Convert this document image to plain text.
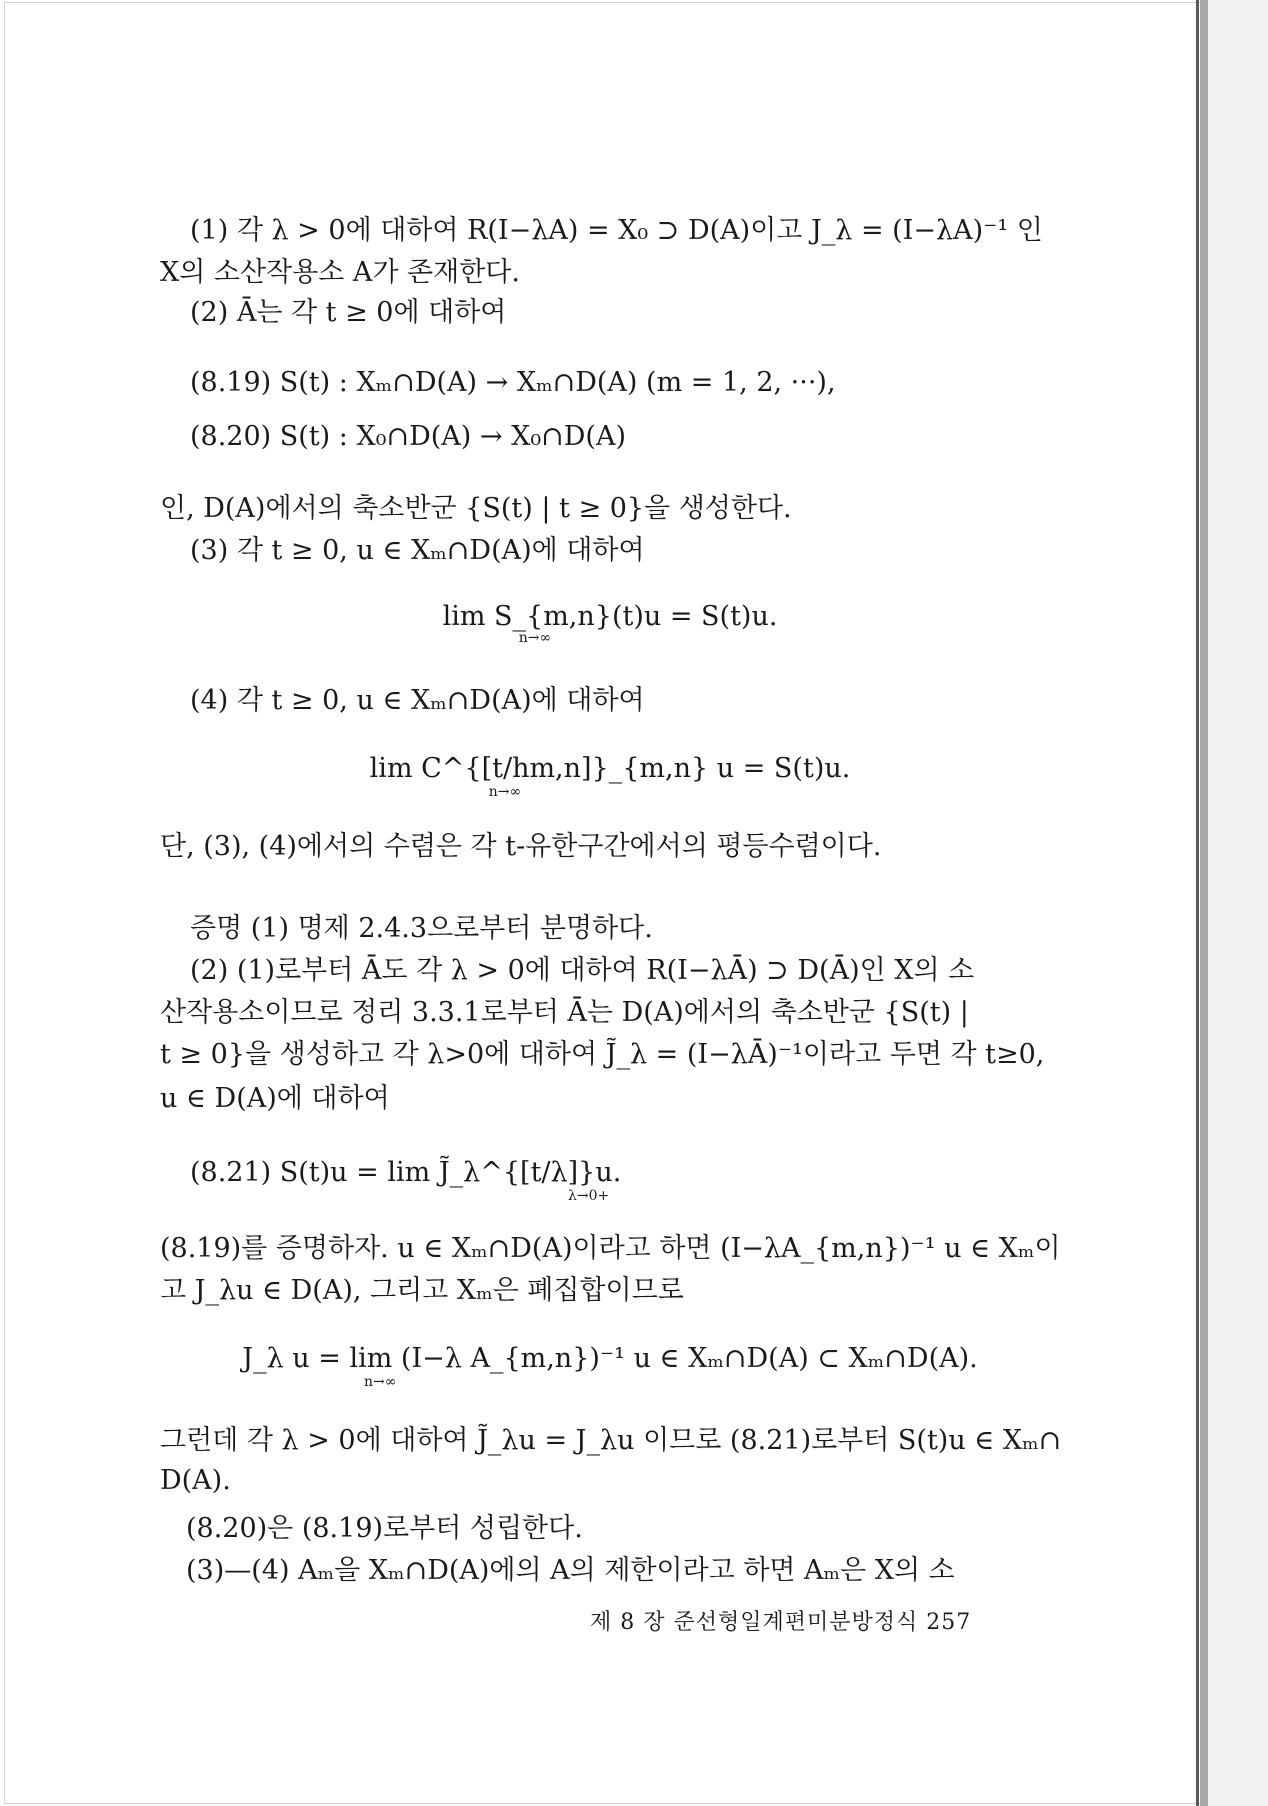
(1) 각 λ > 0에 대하여 R(I−λA) = X₀ ⊃ D(A)이고 J_λ = (I−λA)⁻¹ 인
X의 소산작용소 A가 존재한다.
(2) Ā는 각 t ≥ 0에 대하여
(8.19) S(t) : Xₘ∩D(A) → Xₘ∩D(A) (m = 1, 2, ···),
(8.20) S(t) : X₀∩D(A) → X₀∩D(A)
인, D(A)에서의 축소반군 {S(t) | t ≥ 0}을 생성한다.
(3) 각 t ≥ 0, u ∈ Xₘ∩D(A)에 대하여
lim S_{m,n}(t)u = S(t)u.
n→∞
(4) 각 t ≥ 0, u ∈ Xₘ∩D(A)에 대하여
lim C^{[t/hm,n]}_{m,n} u = S(t)u.
n→∞
단, (3), (4)에서의 수렴은 각 t-유한구간에서의 평등수렴이다.
증명 (1) 명제 2.4.3으로부터 분명하다.
(2) (1)로부터 Ā도 각 λ > 0에 대하여 R(I−λĀ) ⊃ D(Ā)인 X의 소
산작용소이므로 정리 3.3.1로부터 Ā는 D(A)에서의 축소반군 {S(t) |
t ≥ 0}을 생성하고 각 λ>0에 대하여 J̃_λ = (I−λĀ)⁻¹이라고 두면 각 t≥0,
u ∈ D(A)에 대하여
(8.21) S(t)u = lim J̃_λ^{[t/λ]}u.
λ→0+
(8.19)를 증명하자. u ∈ Xₘ∩D(A)이라고 하면 (I−λA_{m,n})⁻¹ u ∈ Xₘ이
고 J_λu ∈ D(A), 그리고 Xₘ은 폐집합이므로
J_λ u = lim (I−λ A_{m,n})⁻¹ u ∈ Xₘ∩D(A) ⊂ Xₘ∩D(A).
n→∞
그런데 각 λ > 0에 대하여 J̃_λu = J_λu 이므로 (8.21)로부터 S(t)u ∈ Xₘ∩
D(A).
(8.20)은 (8.19)로부터 성립한다.
(3)—(4) Aₘ을 Xₘ∩D(A)에의 A의 제한이라고 하면 Aₘ은 X의 소
제 8 장 준선형일계편미분방정식 257
